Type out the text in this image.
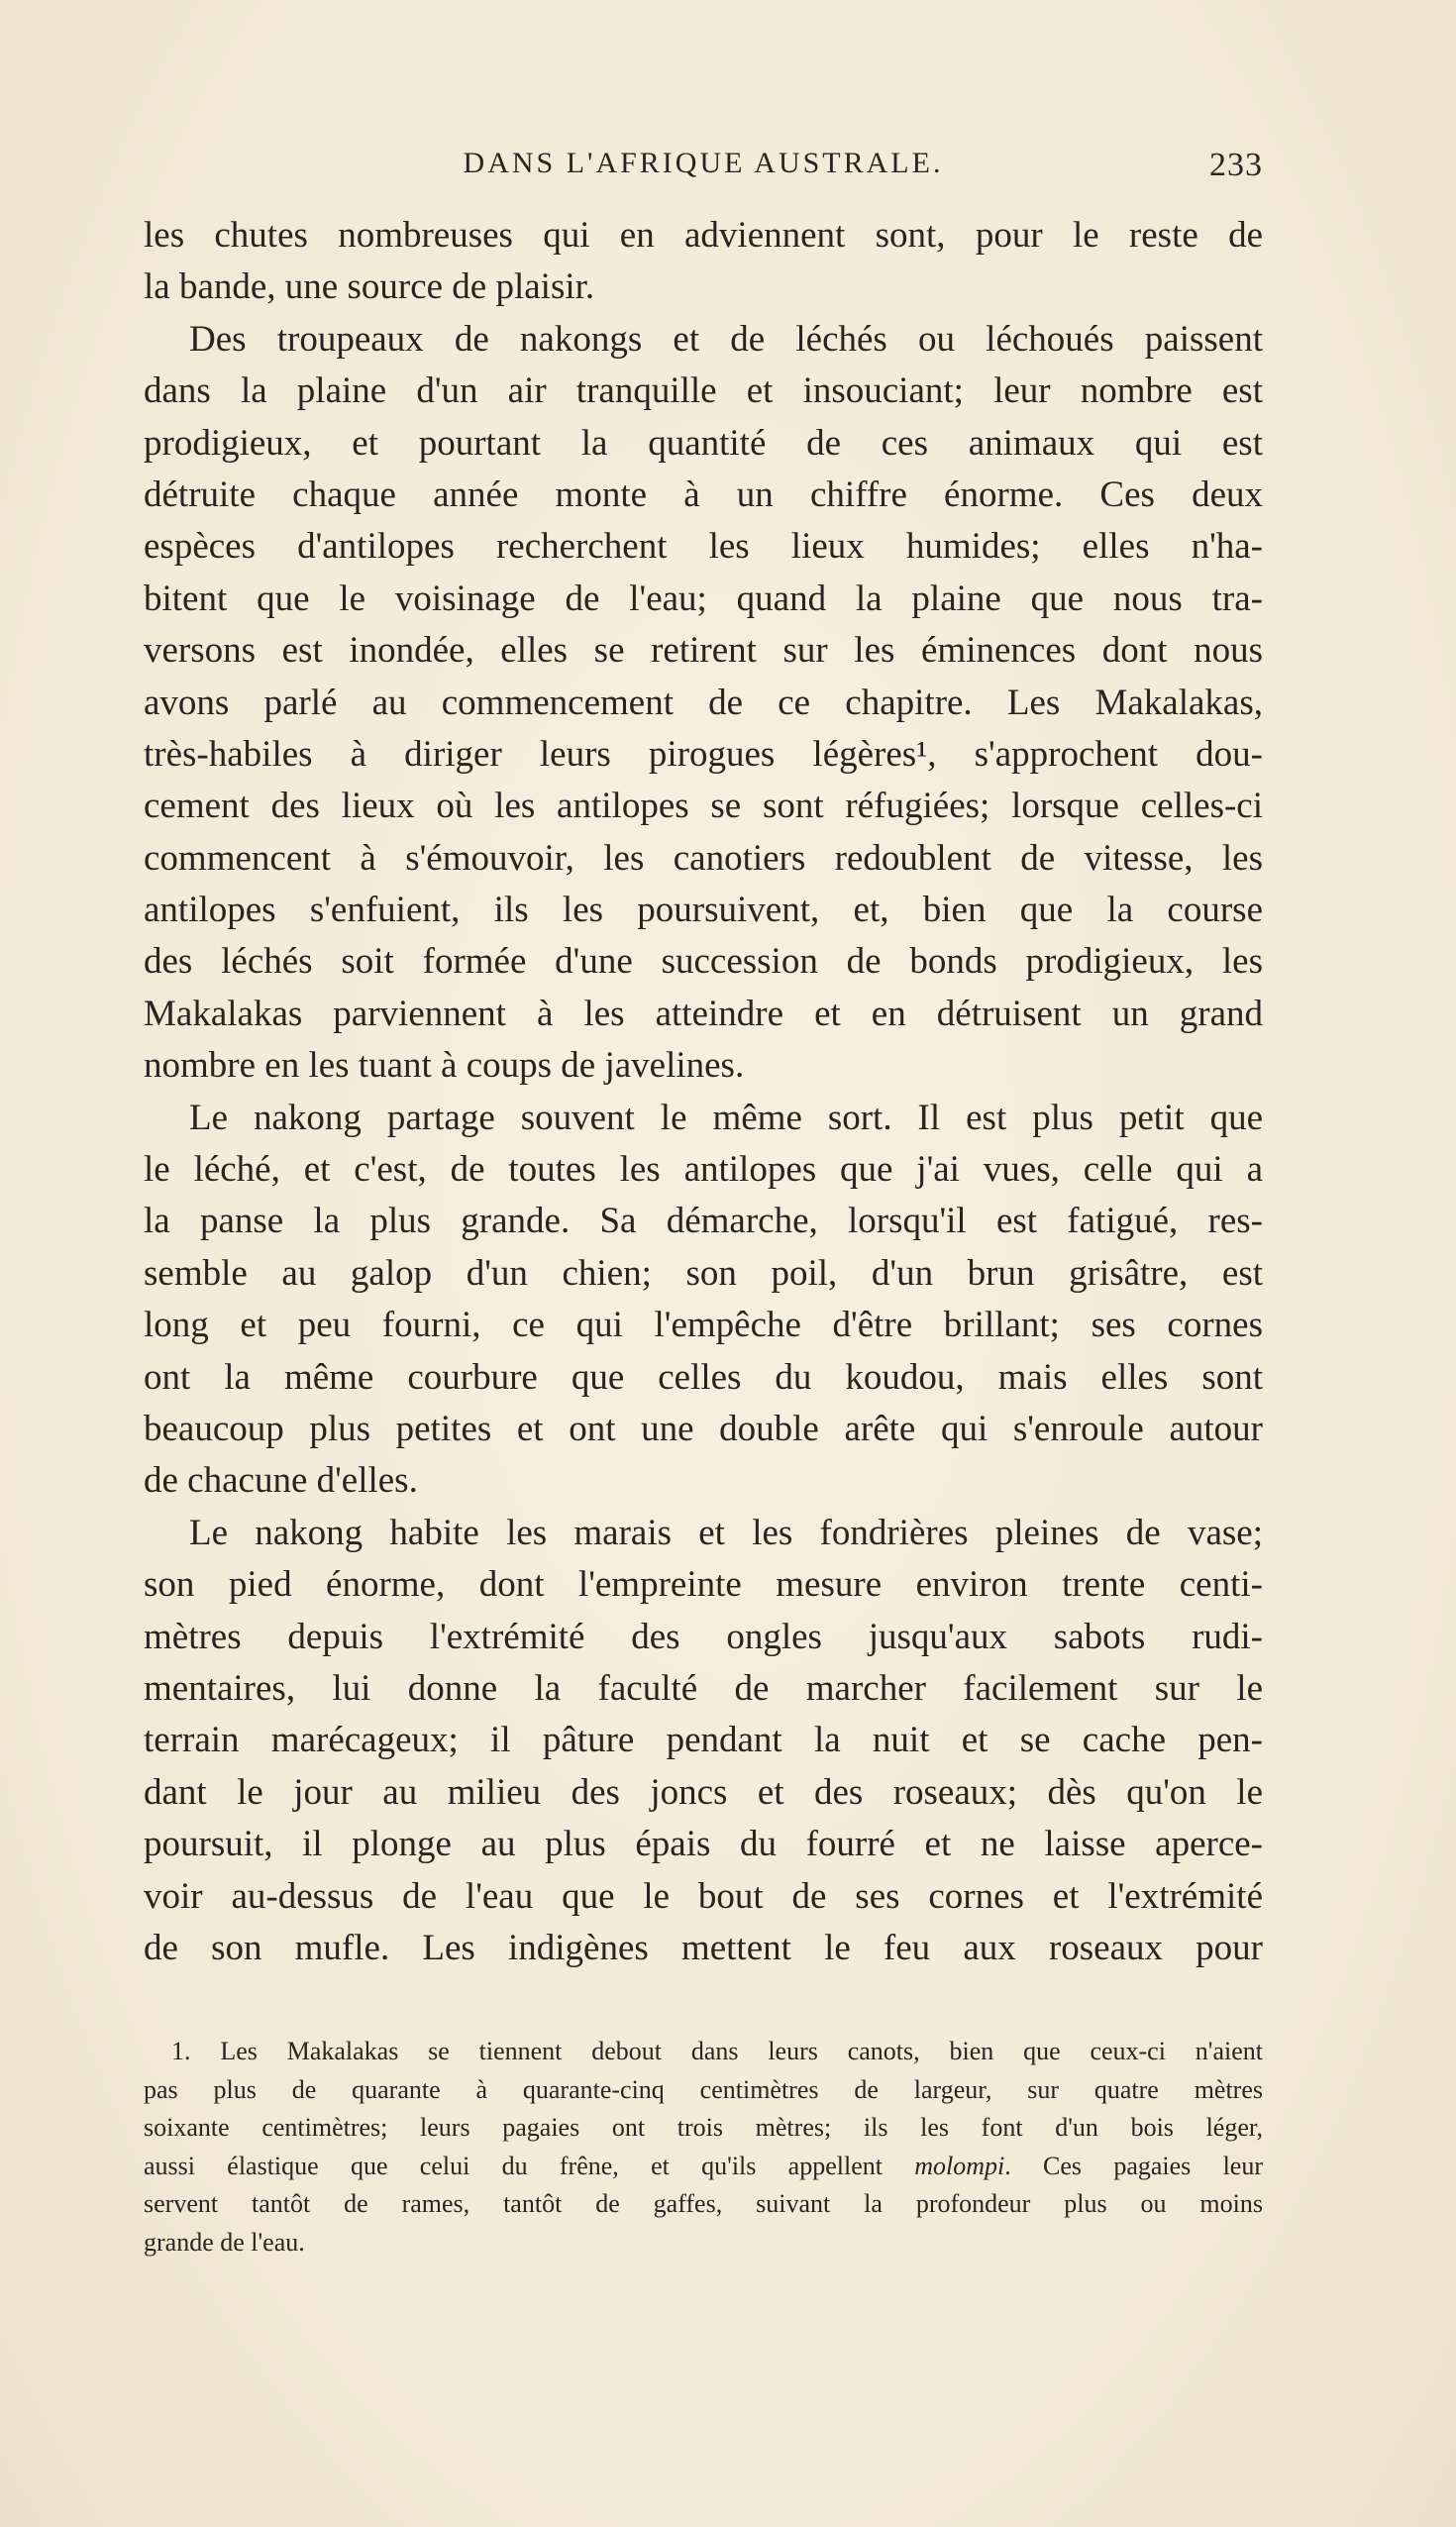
DANS L'AFRIQUE AUSTRALE.	233
les chutes nombreuses qui en adviennent sont, pour le reste de
la bande, une source de plaisir.
Des troupeaux de nakongs et de léchés ou léchoués paissent
dans la plaine d'un air tranquille et insouciant; leur nombre est
prodigieux, et pourtant la quantité de ces animaux qui est
détruite chaque année monte à un chiffre énorme. Ces deux
espèces d'antilopes recherchent les lieux humides; elles n'ha-
bitent que le voisinage de l'eau; quand la plaine que nous tra-
versons est inondée, elles se retirent sur les éminences dont nous
avons parlé au commencement de ce chapitre. Les Makalakas,
très-habiles à diriger leurs pirogues légères¹, s'approchent dou-
cement des lieux où les antilopes se sont réfugiées; lorsque celles-ci
commencent à s'émouvoir, les canotiers redoublent de vitesse, les
antilopes s'enfuient, ils les poursuivent, et, bien que la course
des léchés soit formée d'une succession de bonds prodigieux, les
Makalakas parviennent à les atteindre et en détruisent un grand
nombre en les tuant à coups de javelines.
Le nakong partage souvent le même sort. Il est plus petit que
le léché, et c'est, de toutes les antilopes que j'ai vues, celle qui a
la panse la plus grande. Sa démarche, lorsqu'il est fatigué, res-
semble au galop d'un chien; son poil, d'un brun grisâtre, est
long et peu fourni, ce qui l'empêche d'être brillant; ses cornes
ont la même courbure que celles du koudou, mais elles sont
beaucoup plus petites et ont une double arête qui s'enroule autour
de chacune d'elles.
Le nakong habite les marais et les fondrières pleines de vase;
son pied énorme, dont l'empreinte mesure environ trente centi-
mètres depuis l'extrémité des ongles jusqu'aux sabots rudi-
mentaires, lui donne la faculté de marcher facilement sur le
terrain marécageux; il pâture pendant la nuit et se cache pen-
dant le jour au milieu des joncs et des roseaux; dès qu'on le
poursuit, il plonge au plus épais du fourré et ne laisse aperce-
voir au-dessus de l'eau que le bout de ses cornes et l'extrémité
de son mufle. Les indigènes mettent le feu aux roseaux pour
1. Les Makalakas se tiennent debout dans leurs canots, bien que ceux-ci n'aient
pas plus de quarante à quarante-cinq centimètres de largeur, sur quatre mètres
soixante centimètres; leurs pagaies ont trois mètres; ils les font d'un bois léger,
aussi élastique que celui du frêne, et qu'ils appellent molompi. Ces pagaies leur
servent tantôt de rames, tantôt de gaffes, suivant la profondeur plus ou moins
grande de l'eau.
